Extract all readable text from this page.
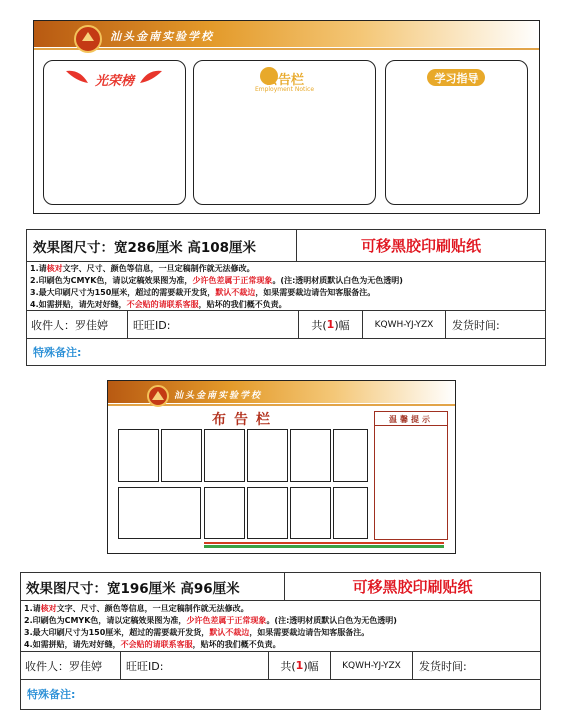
汕头金南实验学校
光荣榜	公告栏
Employment Notice
学习指导
效果图尺寸：宽286厘米 高108厘米	可移黑胶印刷贴纸
1.请核对文字、尺寸、颜色等信息，一旦定稿制作就无法修改。
2.印刷色为CMYK色，请以定稿效果图为准，少许色差属于正常现象。(注:透明材质默认白色为无色透明)
3.最大印刷尺寸为150厘米，超过的需要裁开发货，默认不裁边，如果需要裁边请告知客服备注。
4.如需拼贴，请先对好缝，不会贴的请联系客服，贴坏的我们概不负责。
收件人：罗佳婷	旺旺ID:	共( 1 )幅	KQWH-YJ-YZX	发货时间:
特殊备注:
汕头金南实验学校
布告栏	温馨提示
效果图尺寸：宽196厘米 高96厘米	可移黑胶印刷贴纸
1.请核对文字、尺寸、颜色等信息，一旦定稿制作就无法修改。
2.印刷色为CMYK色，请以定稿效果图为准，少许色差属于正常现象。(注:透明材质默认白色为无色透明)
3.最大印刷尺寸为150厘米，超过的需要裁开发货，默认不裁边，如果需要裁边请告知客服备注。
4.如需拼贴，请先对好缝，不会贴的请联系客服，贴坏的我们概不负责。
收件人：罗佳婷	旺旺ID:	共( 1 )幅	KQWH-YJ-YZX	发货时间:
特殊备注:
